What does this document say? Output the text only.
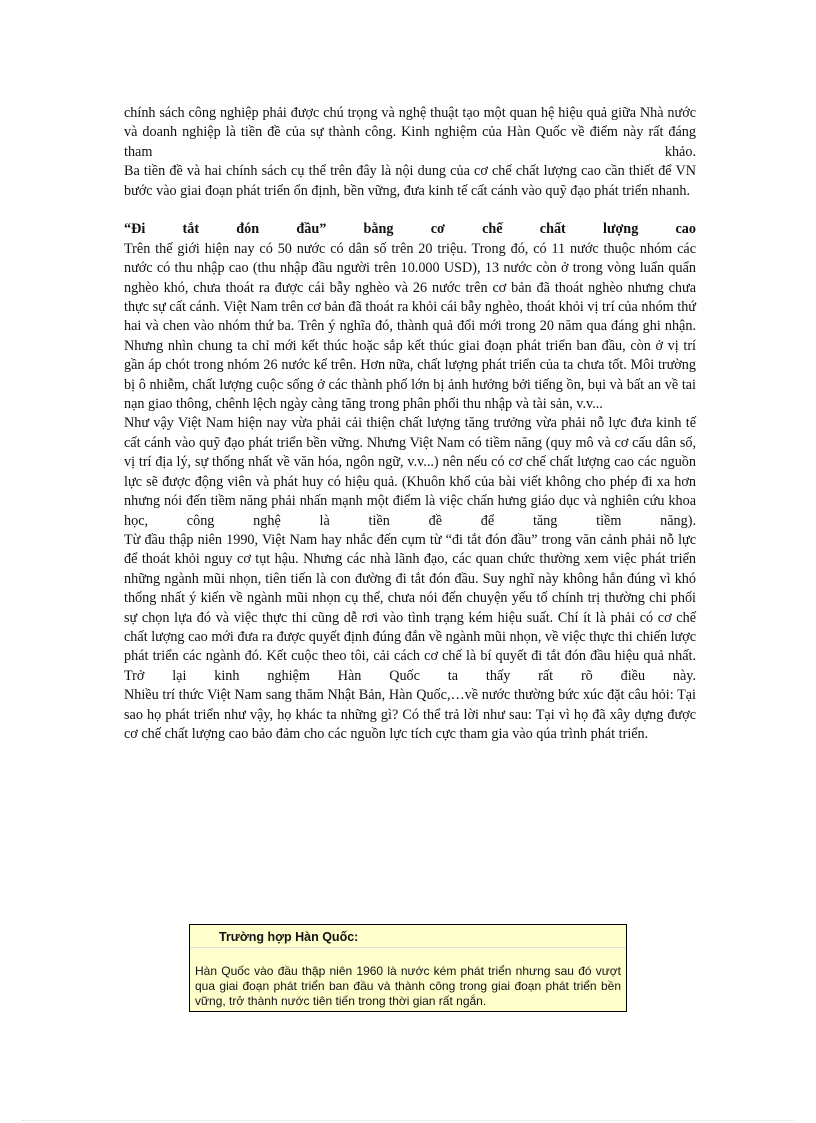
chính sách công nghiệp phải được chú trọng và nghệ thuật tạo một quan hệ hiệu quả giữa Nhà nước và doanh nghiệp là tiền đề của sự thành công. Kinh nghiệm của Hàn Quốc về điểm này rất đáng tham khảo.

Ba tiền đề và hai chính sách cụ thể trên đây là nội dung của cơ chế chất lượng cao cần thiết để VN bước vào giai đoạn phát triển ổn định, bền vững, đưa kinh tế cất cánh vào quỹ đạo phát triển nhanh.

“Đi tắt đón đầu” bằng cơ chế chất lượng cao

Trên thế giới hiện nay có 50 nước có dân số trên 20 triệu. Trong đó, có 11 nước thuộc nhóm các nước có thu nhập cao (thu nhập đầu người trên 10.000 USD), 13 nước còn ở trong vòng luẩn quẩn nghèo khó, chưa thoát ra được cái bẫy nghèo và 26 nước trên cơ bản đã thoát nghèo nhưng chưa thực sự cất cánh. Việt Nam trên cơ bản đã thoát ra khỏi cái bẫy nghèo, thoát khỏi vị trí của nhóm thứ hai và chen vào nhóm thứ ba. Trên ý nghĩa đó, thành quả đổi mới trong 20 năm qua đáng ghi nhận. Nhưng nhìn chung ta chỉ mới kết thúc hoặc sắp kết thúc giai đoạn phát triển ban đầu, còn ở vị trí gần áp chót trong nhóm 26 nước kể trên. Hơn nữa, chất lượng phát triển của ta chưa tốt. Môi trường bị ô nhiễm, chất lượng cuộc sống ở các thành phố lớn bị ảnh hưởng bởi tiếng ồn, bụi và bất an về tai nạn giao thông, chênh lệch ngày càng tăng trong phân phối thu nhập và tài sản, v.v...

Như vậy Việt Nam hiện nay vừa phải cải thiện chất lượng tăng trưởng vừa phải nỗ lực đưa kinh tế cất cánh vào quỹ đạo phát triển bền vững. Nhưng Việt Nam có tiềm năng (quy mô và cơ cấu dân số, vị trí địa lý, sự thống nhất về văn hóa, ngôn ngữ, v.v...) nên nếu có cơ chế chất lượng cao các nguồn lực sẽ được động viên và phát huy có hiệu quả. (Khuôn khổ của bài viết không cho phép đi xa hơn nhưng nói đến tiềm năng phải nhấn mạnh một điểm là việc chấn hưng giáo dục và nghiên cứu khoa học, công nghệ là tiền đề để tăng tiềm năng).

Từ đầu thập niên 1990, Việt Nam hay nhắc đến cụm từ “đi tắt đón đầu” trong văn cảnh phải nỗ lực để thoát khỏi nguy cơ tụt hậu. Nhưng các nhà lãnh đạo, các quan chức thường xem việc phát triển những ngành mũi nhọn, tiên tiến là con đường đi tắt đón đầu. Suy nghĩ này không hẳn đúng vì khó thống nhất ý kiến về ngành mũi nhọn cụ thể, chưa nói đến chuyện yếu tố chính trị thường chi phối sự chọn lựa đó và việc thực thi cũng dễ rơi vào tình trạng kém hiệu suất. Chí ít là phải có cơ chế chất lượng cao mới đưa ra được quyết định đúng đắn về ngành mũi nhọn, về việc thực thi chiến lược phát triển các ngành đó. Kết cuộc theo tôi, cải cách cơ chế là bí quyết đi tắt đón đầu hiệu quả nhất. Trở lại kinh nghiệm Hàn Quốc ta thấy rất rõ điều này.

Nhiều trí thức Việt Nam sang thăm Nhật Bản, Hàn Quốc,…về nước thường bức xúc đặt câu hỏi: Tại sao họ phát triển như vậy, họ khác ta những gì? Có thể trả lời như sau: Tại vì họ đã xây dựng được cơ chế chất lượng cao bảo đảm cho các nguồn lực tích cực tham gia vào qúa trình phát triển.

Trường hợp Hàn Quốc:
Hàn Quốc vào đầu thập niên 1960 là nước kém phát triển nhưng sau đó vượt qua giai đoạn phát triển ban đầu và thành công trong giai đoạn phát triển bền vững, trở thành nước tiên tiến trong thời gian rất ngắn.
